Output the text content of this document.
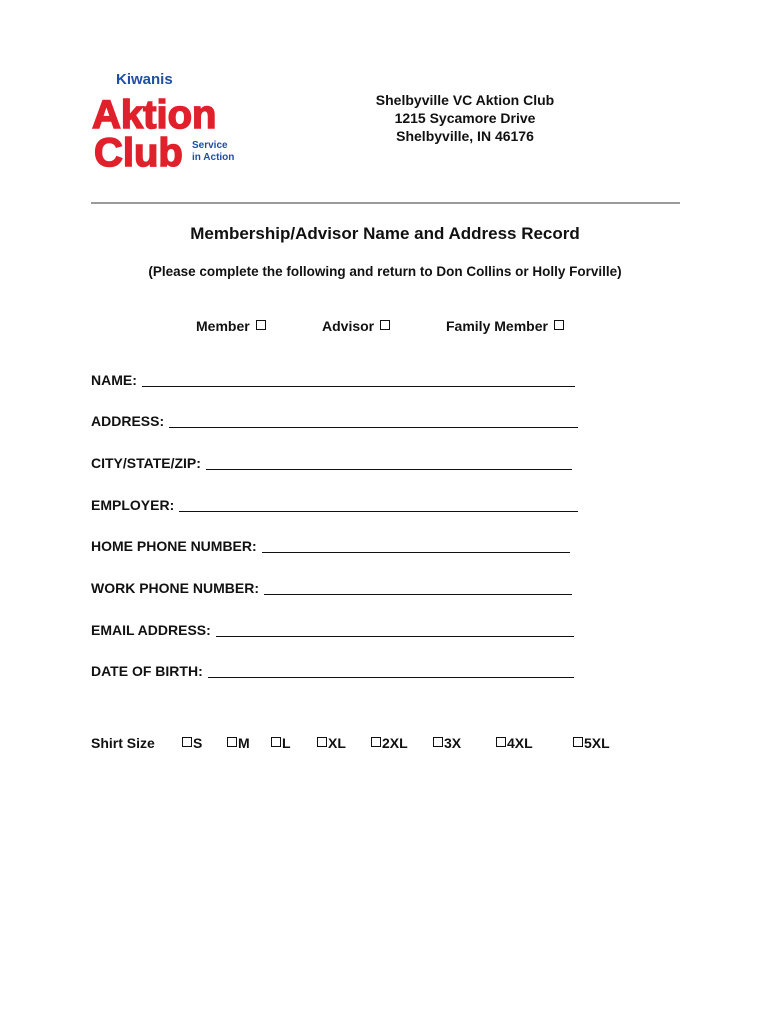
Kiwanis
Aktion
Club Service
in Action
Shelbyville VC Aktion Club
1215 Sycamore Drive
Shelbyville, IN 46176
Membership/Advisor Name and Address Record
(Please complete the following and return to Don Collins or Holly Forville)
Member	Advisor	Family Member
NAME:
ADDRESS:
CITY/STATE/ZIP:
EMPLOYER:
HOME PHONE NUMBER:
WORK PHONE NUMBER:
EMAIL ADDRESS:
DATE OF BIRTH:
Shirt Size	S	M	L	XL	2XL	3X	4XL	5XL
